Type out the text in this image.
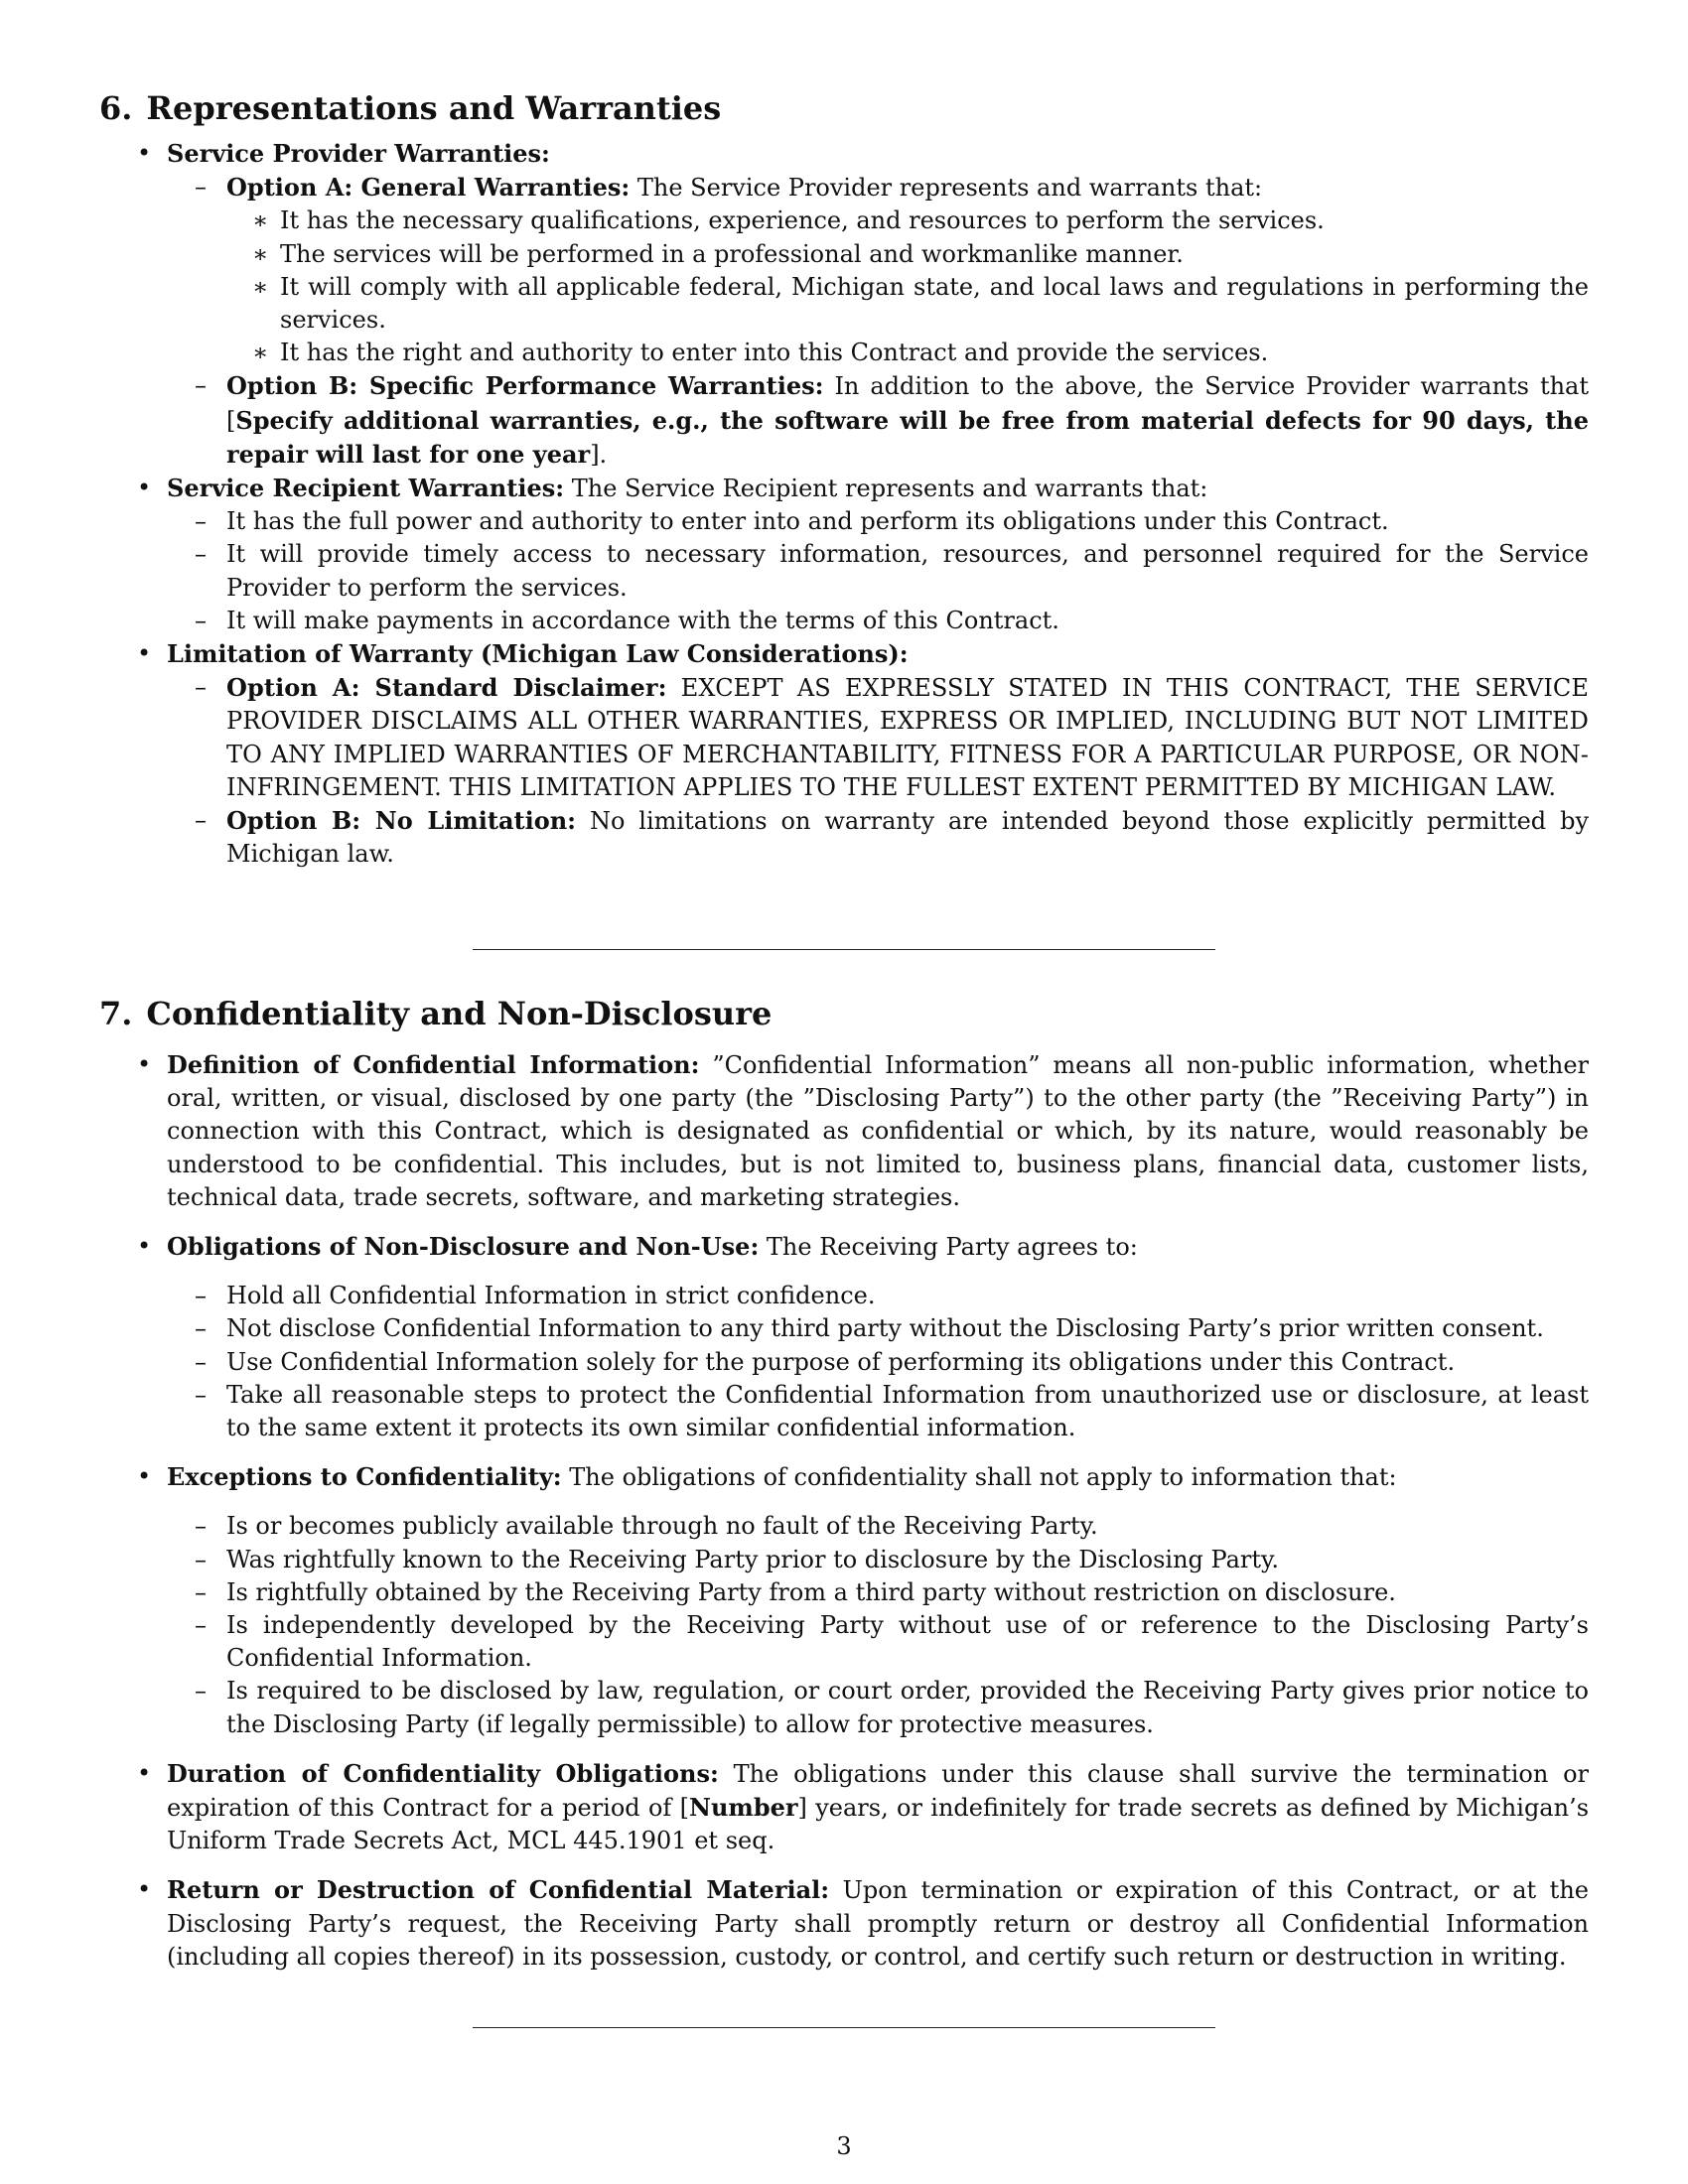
6. Representations and Warranties
• Service Provider Warranties:
– Option A: General Warranties: The Service Provider represents and warrants that:
∗ It has the necessary qualifications, experience, and resources to perform the services.
∗ The services will be performed in a professional and workmanlike manner.
∗ It will comply with all applicable federal, Michigan state, and local laws and regulations in performing the services.
∗ It has the right and authority to enter into this Contract and provide the services.
– Option B: Specific Performance Warranties: In addition to the above, the Service Provider warrants that [Specify additional warranties, e.g., the software will be free from material defects for 90 days, the repair will last for one year].
• Service Recipient Warranties: The Service Recipient represents and warrants that:
– It has the full power and authority to enter into and perform its obligations under this Contract.
– It will provide timely access to necessary information, resources, and personnel required for the Service Provider to perform the services.
– It will make payments in accordance with the terms of this Contract.
• Limitation of Warranty (Michigan Law Considerations):
– Option A: Standard Disclaimer: EXCEPT AS EXPRESSLY STATED IN THIS CONTRACT, THE SERVICE PROVIDER DISCLAIMS ALL OTHER WARRANTIES, EXPRESS OR IMPLIED, INCLUDING BUT NOT LIMITED TO ANY IMPLIED WARRANTIES OF MERCHANTABILITY, FITNESS FOR A PARTICULAR PURPOSE, OR NON-INFRINGEMENT. THIS LIMITATION APPLIES TO THE FULLEST EXTENT PERMITTED BY MICHIGAN LAW.
– Option B: No Limitation: No limitations on warranty are intended beyond those explicitly permitted by Michigan law.
7. Confidentiality and Non-Disclosure
• Definition of Confidential Information: ”Confidential Information” means all non-public information, whether oral, written, or visual, disclosed by one party (the ”Disclosing Party”) to the other party (the ”Receiving Party”) in connection with this Contract, which is designated as confidential or which, by its nature, would reasonably be understood to be confidential. This includes, but is not limited to, business plans, financial data, customer lists, technical data, trade secrets, software, and marketing strategies.
• Obligations of Non-Disclosure and Non-Use: The Receiving Party agrees to:
– Hold all Confidential Information in strict confidence.
– Not disclose Confidential Information to any third party without the Disclosing Party’s prior written consent.
– Use Confidential Information solely for the purpose of performing its obligations under this Contract.
– Take all reasonable steps to protect the Confidential Information from unauthorized use or disclosure, at least to the same extent it protects its own similar confidential information.
• Exceptions to Confidentiality: The obligations of confidentiality shall not apply to information that:
– Is or becomes publicly available through no fault of the Receiving Party.
– Was rightfully known to the Receiving Party prior to disclosure by the Disclosing Party.
– Is rightfully obtained by the Receiving Party from a third party without restriction on disclosure.
– Is independently developed by the Receiving Party without use of or reference to the Disclosing Party’s Confidential Information.
– Is required to be disclosed by law, regulation, or court order, provided the Receiving Party gives prior notice to the Disclosing Party (if legally permissible) to allow for protective measures.
• Duration of Confidentiality Obligations: The obligations under this clause shall survive the termination or expiration of this Contract for a period of [Number] years, or indefinitely for trade secrets as defined by Michigan’s Uniform Trade Secrets Act, MCL 445.1901 et seq.
• Return or Destruction of Confidential Material: Upon termination or expiration of this Contract, or at the Disclosing Party’s request, the Receiving Party shall promptly return or destroy all Confidential Information (including all copies thereof) in its possession, custody, or control, and certify such return or destruction in writing.
3
